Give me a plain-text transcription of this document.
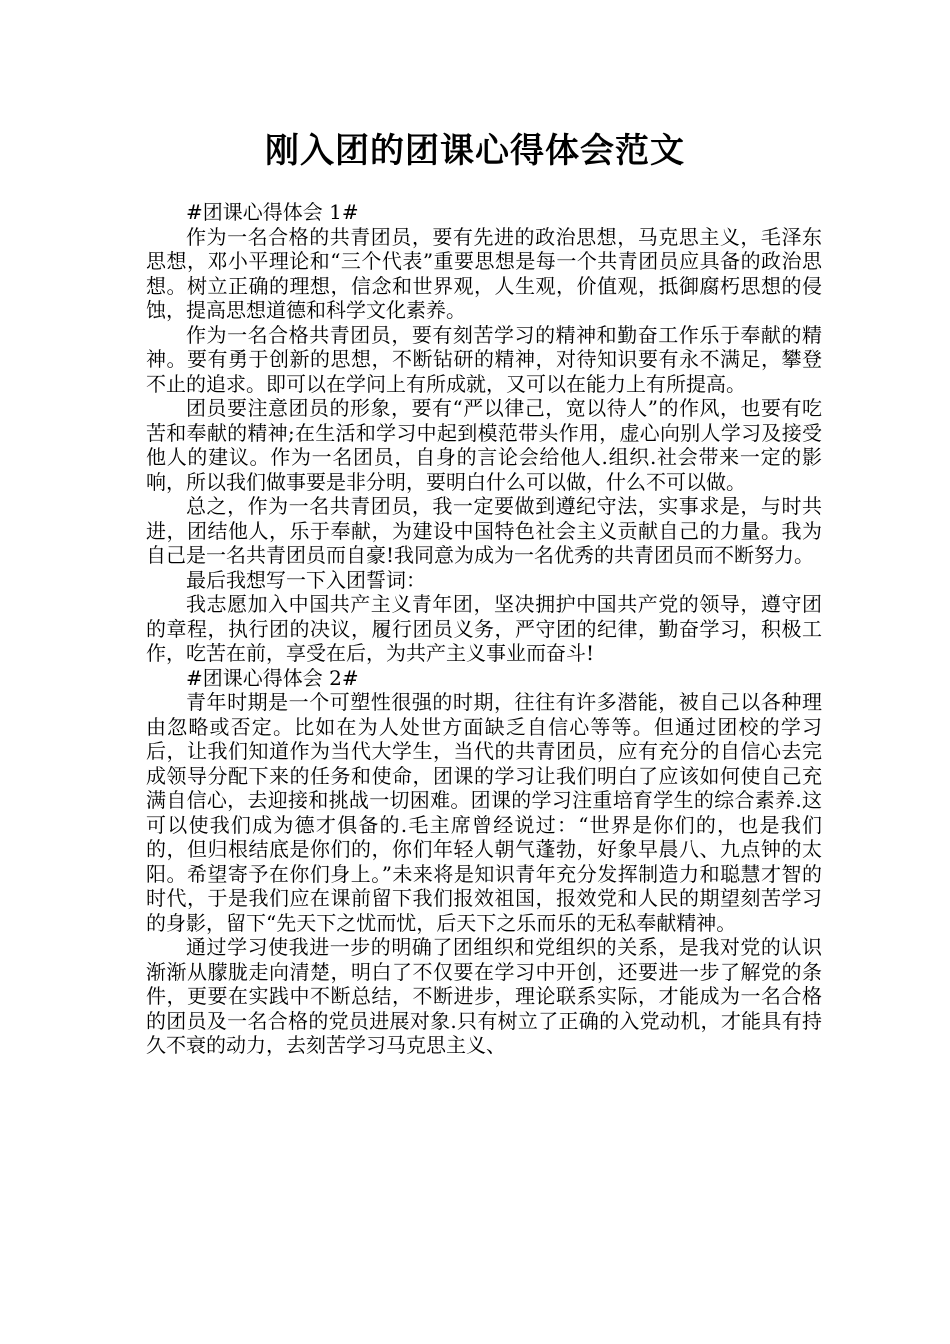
刚入团的团课心得体会范文

#团课心得体会 1#

作为一名合格的共青团员，要有先进的政治思想，马克思主义，毛泽东思想，邓小平理论和“三个代表”重要思想是每一个共青团员应具备的政治思想。树立正确的理想，信念和世界观，人生观，价值观，抵御腐朽思想的侵蚀，提高思想道德和科学文化素养。

作为一名合格共青团员，要有刻苦学习的精神和勤奋工作乐于奉献的精神。要有勇于创新的思想，不断钻研的精神，对待知识要有永不满足，攀登不止的追求。即可以在学问上有所成就，又可以在能力上有所提高。

团员要注意团员的形象，要有“严以律己，宽以待人”的作风，也要有吃苦和奉献的精神;在生活和学习中起到模范带头作用，虚心向别人学习及接受他人的建议。作为一名团员，自身的言论会给他人.组织.社会带来一定的影响，所以我们做事要是非分明，要明白什么可以做，什么不可以做。

总之，作为一名共青团员，我一定要做到遵纪守法，实事求是，与时共进，团结他人，乐于奉献，为建设中国特色社会主义贡献自己的力量。我为自己是一名共青团员而自豪!我同意为成为一名优秀的共青团员而不断努力。

最后我想写一下入团誓词：

我志愿加入中国共产主义青年团，坚决拥护中国共产党的领导，遵守团的章程，执行团的决议，履行团员义务，严守团的纪律，勤奋学习，积极工作，吃苦在前，享受在后，为共产主义事业而奋斗!

#团课心得体会 2#

青年时期是一个可塑性很强的时期，往往有许多潜能，被自己以各种理由忽略或否定。比如在为人处世方面缺乏自信心等等。但通过团校的学习后，让我们知道作为当代大学生，当代的共青团员，应有充分的自信心去完成领导分配下来的任务和使命，团课的学习让我们明白了应该如何使自己充满自信心，去迎接和挑战一切困难。团课的学习注重培育学生的综合素养.这可以使我们成为德才俱备的.毛主席曾经说过：“世界是你们的，也是我们的，但归根结底是你们的，你们年轻人朝气蓬勃，好象早晨八、九点钟的太阳。希望寄予在你们身上。”未来将是知识青年充分发挥制造力和聪慧才智的时代，于是我们应在课前留下我们报效祖国，报效党和人民的期望刻苦学习的身影，留下“先天下之忧而忧，后天下之乐而乐的无私奉献精神。

通过学习使我进一步的明确了团组织和党组织的关系，是我对党的认识渐渐从朦胧走向清楚，明白了不仅要在学习中开创，还要进一步了解党的条件，更要在实践中不断总结，不断进步，理论联系实际，才能成为一名合格的团员及一名合格的党员进展对象.只有树立了正确的入党动机，才能具有持久不衰的动力，去刻苦学习马克思主义、
